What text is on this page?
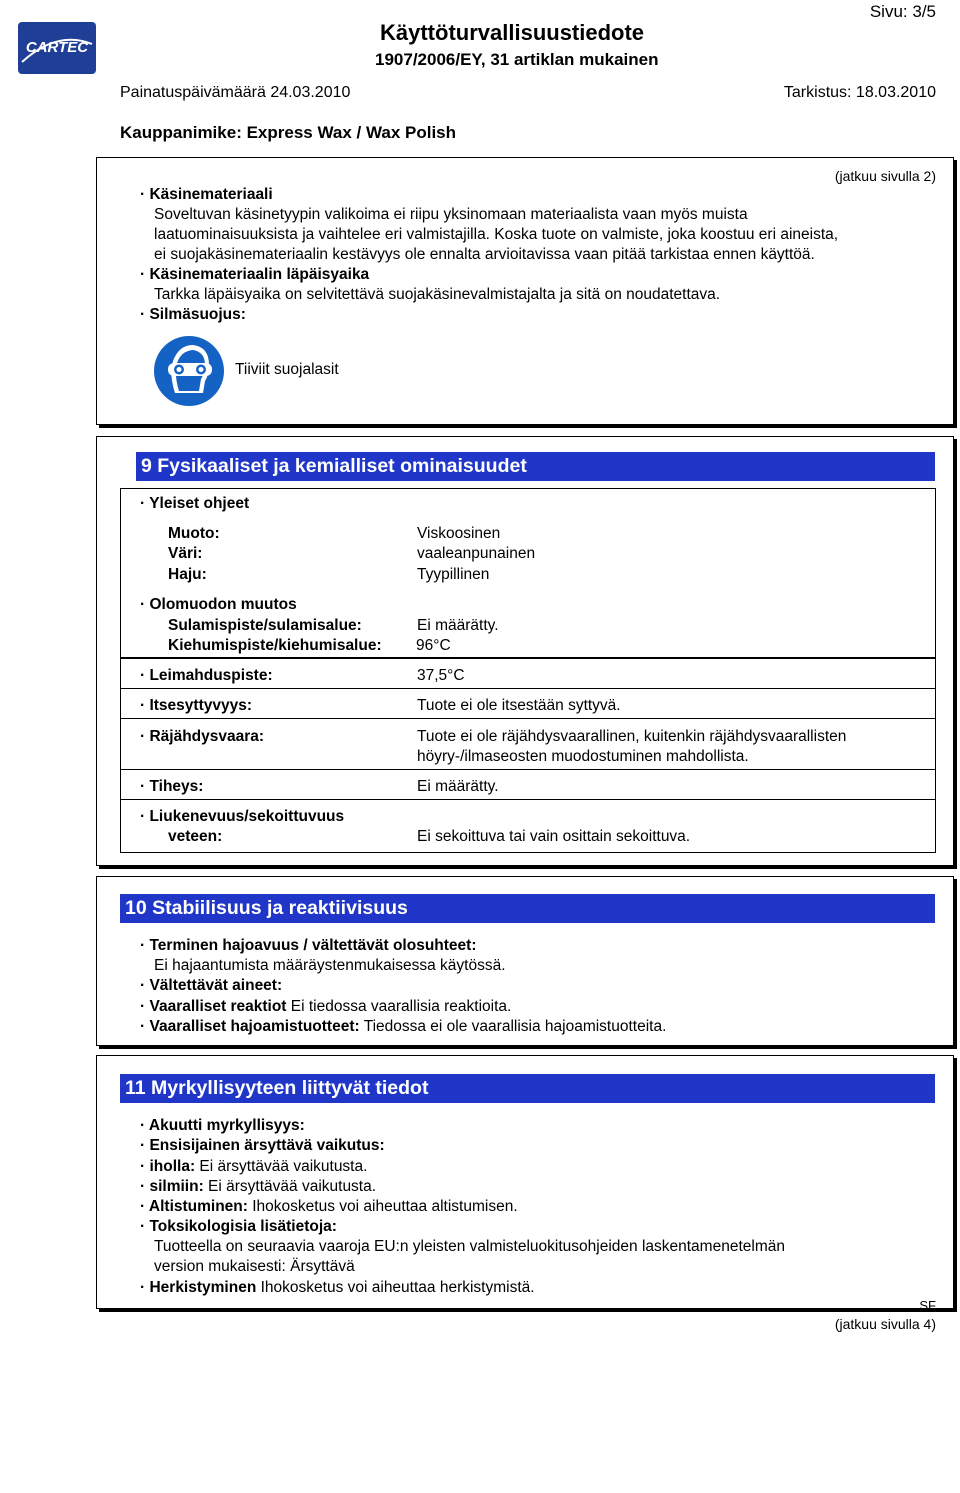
CARTEC
Sivu: 3/5
Käyttöturvallisuustiedote
1907/2006/EY, 31 artiklan mukainen
Painatuspäivämäärä 24.03.2010	Tarkistus: 18.03.2010
Kauppanimike: Express Wax / Wax Polish
(jatkuu sivulla 2)
· Käsinemateriaali
Soveltuvan käsinetyypin valikoima ei riipu yksinomaan materiaalista vaan myös muista
laatuominaisuuksista ja vaihtelee eri valmistajilla. Koska tuote on valmiste, joka koostuu eri aineista,
ei suojakäsinemateriaalin kestävyys ole ennalta arvioitavissa vaan pitää tarkistaa ennen käyttöä.
· Käsinemateriaalin läpäisyaika
Tarkka läpäisyaika on selvitettävä suojakäsinevalmistajalta ja sitä on noudatettava.
· Silmäsuojus:
Tiiviit suojalasit
9 Fysikaaliset ja kemialliset ominaisuudet
· Yleiset ohjeet
Muoto:	Viskoosinen
Väri:	vaaleanpunainen
Haju:	Tyypillinen
· Olomuodon muutos
Sulamispiste/sulamisalue:	Ei määrätty.
Kiehumispiste/kiehumisalue: 96°C
· Leimahduspiste:	37,5°C
· Itsesyttyvyys:	Tuote ei ole itsestään syttyvä.
· Räjähdysvaara:	Tuote ei ole räjähdysvaarallinen, kuitenkin räjähdysvaarallisten
höyry-/ilmaseosten muodostuminen mahdollista.
· Tiheys:	Ei määrätty.
· Liukenevuus/sekoittuvuus
veteen:	Ei sekoittuva tai vain osittain sekoittuva.
10 Stabiilisuus ja reaktiivisuus
· Terminen hajoavuus / vältettävät olosuhteet:
Ei hajaantumista määräystenmukaisessa käytössä.
· Vältettävät aineet:
· Vaaralliset reaktiot Ei tiedossa vaarallisia reaktioita.
· Vaaralliset hajoamistuotteet: Tiedossa ei ole vaarallisia hajoamistuotteita.
11 Myrkyllisyyteen liittyvät tiedot
· Akuutti myrkyllisyys:
· Ensisijainen ärsyttävä vaikutus:
· iholla: Ei ärsyttävää vaikutusta.
· silmiin: Ei ärsyttävää vaikutusta.
· Altistuminen: Ihokosketus voi aiheuttaa altistumisen.
· Toksikologisia lisätietoja:
Tuotteella on seuraavia vaaroja EU:n yleisten valmisteluokitusohjeiden laskentamenetelmän
version mukaisesti: Ärsyttävä
· Herkistyminen Ihokosketus voi aiheuttaa herkistymistä.
SF
(jatkuu sivulla 4)
